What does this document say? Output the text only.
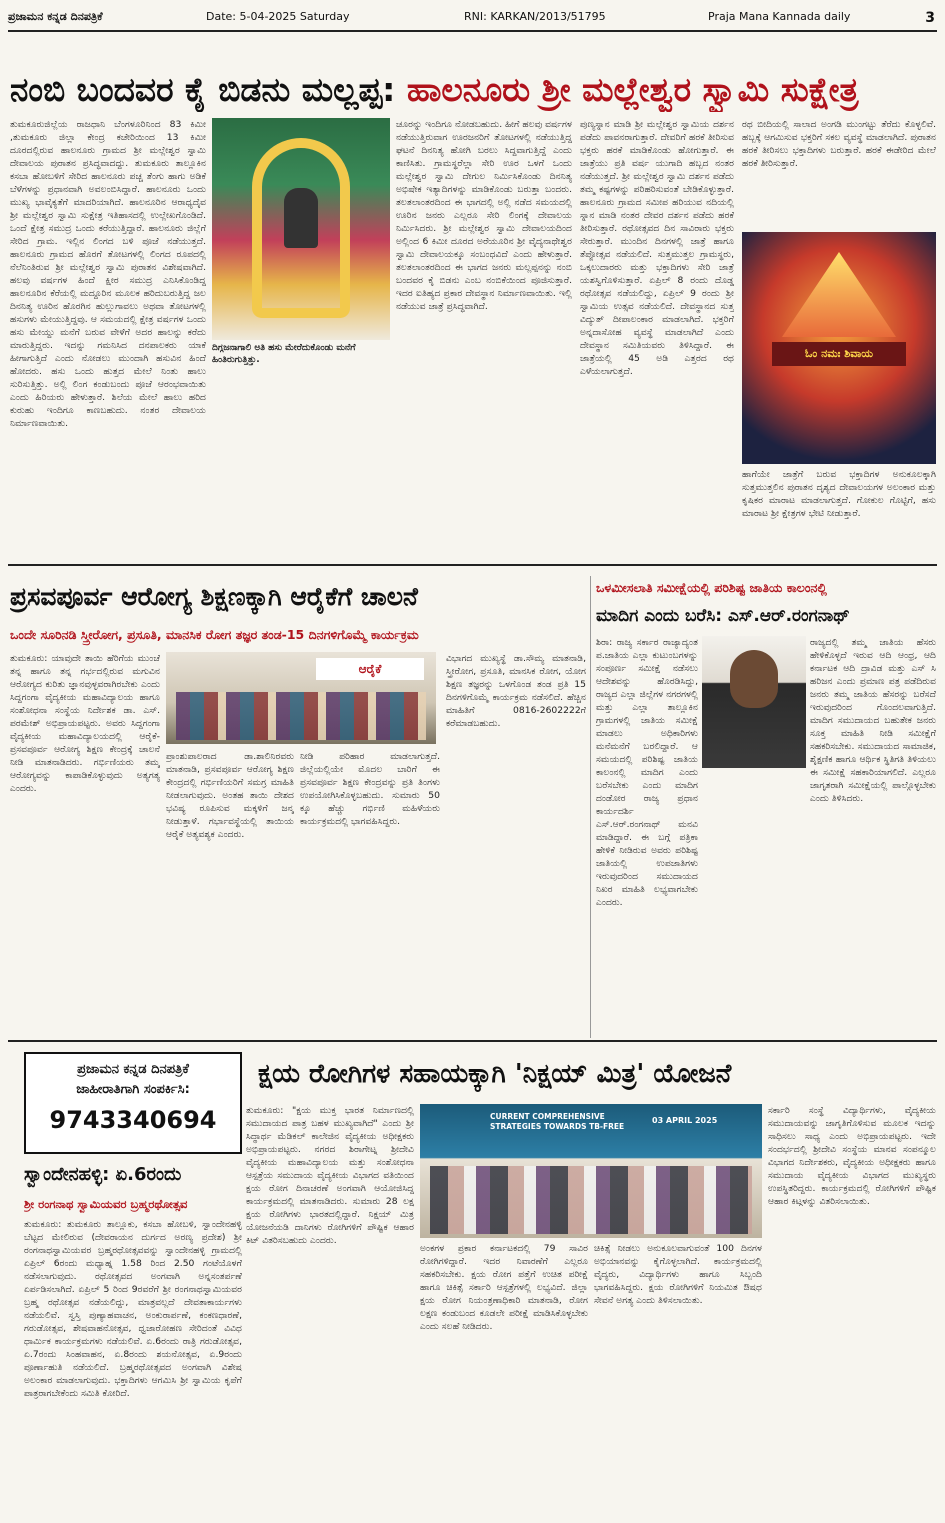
ಪ್ರಜಾಮನ ಕನ್ನಡ ದಿನಪತ್ರಿಕೆ	Date: 5-04-2025 Saturday	RNI: KARKAN/2013/51795	Praja Mana Kannada daily	3
ನಂಬಿ ಬಂದವರ ಕೈ ಬಿಡನು ಮಲ್ಲಪ್ಪ: ಹಾಲನೂರು ಶ್ರೀ ಮಲ್ಲೇಶ್ವರ ಸ್ವಾಮಿ ಸುಕ್ಷೇತ್ರ
ತುಮಕೂರುಜಿಲ್ಲೆಯ ರಾಜಧಾನಿ ಬೆಂಗಳೂರಿನಿಂದ 83 ಕಿಮೀ ,ತುಮಕೂರು ಜಿಲ್ಲಾ ಕೇಂದ್ರ ಕಚೇರಿಯಿಂದ 13 ಕಿಮೀ ದೂರದಲ್ಲಿರುವ ಹಾಲನೂರು ಗ್ರಾಮದ ಶ್ರೀ ಮಲ್ಲೇಶ್ವರ ಸ್ವಾಮಿ ದೇವಾಲಯ ಪುರಾತನ ಪ್ರಸಿದ್ಧವಾದದ್ದು. ತುಮಕೂರು ತಾಲ್ಲೂಕಿನ ಕಸಬಾ ಹೋಬಳಿಗೆ ಸೇರಿದ ಹಾಲನೂರು ಪಚ್ಚ ತೆಂಗು ಹಾಗು ಅಡಿಕೆ ಬೆಳೆಗಳನ್ನು ಪ್ರಧಾನವಾಗಿ ಅವಲಂಬಿಸಿದ್ದಾರೆ. ಹಾಲನೂರು ಒಂದು ಮುಖ್ಯ ಭಾವೈಕ್ಯತೆಗೆ ಮಾದರಿಯಾಗಿದೆ. ಹಾಲನೂರಿನ ಆರಾಧ್ಯದೈವ ಶ್ರೀ ಮಲ್ಲೇಶ್ವರ ಸ್ವಾಮಿ ಸುಕ್ಷೇತ್ರ ಇತಿಹಾಸದಲ್ಲಿ ಉಲ್ಲೇಖಗೊಂಡಿದೆ. ಒಂದೆ ಕ್ಷೇತ್ರ ಸಮುದ್ರ ಒಂದು ಕರೆಯುತ್ತಿದ್ದಾರೆ. ಹಾಲನೂರು ಜಿಲ್ಲೆಗೆ ಸೇರಿದ ಗ್ರಾಮ. ಇಲ್ಲಿನ ಲಿಂಗದ ಬಳಿ ಪೂಜೆ ನಡೆಯುತ್ತದೆ. ಹಾಲನೂರು ಗ್ರಾಮದ ಹೊರಗೆ ತೋಟಗಳಲ್ಲಿ ಲಿಂಗದ ರೂಪದಲ್ಲಿ ನೆಲೆನಿಂತಿರುವ ಶ್ರೀ ಮಲ್ಲೇಶ್ವರ ಸ್ವಾಮಿ ಪುರಾತನ ವಿಶೇಷವಾಗಿದೆ. ಹಲವು ವರ್ಷಗಳ ಹಿಂದೆ ಕ್ಷೀರ ಸಮುದ್ರ ಎನಿಸಿಕೊಂಡಿದ್ದ ಹಾಲನೂರಿನ ಕೆರೆಯಲ್ಲಿ ಮದ್ದೂರಿನ ಮೂಲಕ ಹರಿದುಬರುತ್ತಿದ್ದ ಜಲ ದಿನನಿತ್ಯ ಊರಿನ ಹೊರಗಿನ ಹುಲ್ಲುಗಾವಲು ಅಥವಾ ತೋಟಗಳಲ್ಲಿ ಹಸುಗಳು ಮೇಯುತ್ತಿದ್ದವು. ಆ ಸಮಯದಲ್ಲಿ ಕ್ಷೇತ್ರ ವರ್ಷಗಳ ಒಂದು ಹಸು ಮೇಯ್ದು ಮನೆಗೆ ಬರುವ ವೇಳೆಗೆ ಅದರ ಹಾಲನ್ನು ಕರೆದು ಮಾರುತ್ತಿದ್ದರು. ಇದನ್ನು ಗಮನಿಸಿದ ದನಪಾಲಕರು ಯಾಕೆ ಹೀಗಾಗುತ್ತಿದೆ ಎಂದು ನೋಡಲು ಮುಂದಾಗಿ ಹಸುವಿನ ಹಿಂದೆ ಹೋದರು. ಹಸು ಒಂದು ಹುತ್ತದ ಮೇಲೆ ನಿಂತು ಹಾಲು ಸುರಿಸುತ್ತಿತ್ತು. ಅಲ್ಲಿ ಲಿಂಗ ಕಂಡುಬಂದು ಪೂಜೆ ಆರಂಭವಾಯಿತು ಎಂದು ಹಿರಿಯರು ಹೇಳುತ್ತಾರೆ. ಶಿಲೆಯ ಮೇಲೆ ಹಾಲು ಹರಿದ ಕುರುಹು ಇಂದಿಗೂ ಕಾಣಬಹುದು. ನಂತರ ದೇವಾಲಯ ನಿರ್ಮಾಣವಾಯಿತು.
ದಿಗ್ಗಜನಾಗಾಲಿ ಅತಿ ಹಸು ಮೇರೆದುಕೊಂಡು ಮನೆಗೆ ಹಿಂತಿರುಗುತ್ತಿತ್ತು.
ಚೂರನ್ನು ಇಂದಿಗೂ ನೋಡಬಹುದು. ಹೀಗೆ ಹಲವು ವರ್ಷಗಳ ನಡೆಯುತ್ತಿರುವಾಗ ಊರಜನರಿಗೆ ತೋಟಗಳಲ್ಲಿ ನಡೆಯುತ್ತಿದ್ದ ಘಟನೆ ದಿನನಿತ್ಯ ಹೋಗಿ ಬರಲು ಸಿದ್ದವಾಗುತ್ತಿದ್ದೆ ಎಂದು ಕಾಣಿಸಿತು. ಗ್ರಾಮಸ್ಥರೆಲ್ಲಾ ಸೇರಿ ಊರ ಒಳಗೆ ಒಂದು ಮಲ್ಲೇಶ್ವರ ಸ್ವಾಮಿ ದೇಗುಲ ನಿರ್ಮಿಸಿಕೊಂಡು ದಿನನಿತ್ಯ ಅಭಿಷೇಕ ಇತ್ಯಾದಿಗಳನ್ನು ಮಾಡಿಕೊಂಡು ಬರುತ್ತಾ ಬಂದರು. ತಲತಲಾಂತರದಿಂದ ಈ ಭಾಗದಲ್ಲಿ ಅಲ್ಲಿ ನಡೆದ ಸಮಯದಲ್ಲಿ ಊರಿನ ಜನರು ಎಲ್ಲರೂ ಸೇರಿ ಲಿಂಗಕ್ಕೆ ದೇವಾಲಯ ನಿರ್ಮಿಸಿದರು. ಶ್ರೀ ಮಲ್ಲೇಶ್ವರ ಸ್ವಾಮಿ ದೇವಾಲಯದಿಂದ ಅಲ್ಲಿಂದ 6 ಕಿಮೀ ದೂರದ ಅರೆಯೂರಿನ ಶ್ರೀ ವೈದ್ಯನಾಥೇಶ್ವರ ಸ್ವಾಮಿ ದೇವಾಲಯಕ್ಕೂ ಸಂಬಂಧವಿದೆ ಎಂದು ಹೇಳುತ್ತಾರೆ. ತಲತಲಾಂತರದಿಂದ ಈ ಭಾಗದ ಜನರು ಮಲ್ಲಪ್ಪನನ್ನು ನಂಬಿ ಬಂದವರ ಕೈ ಬಿಡನು ಎಂಬ ನಂಬಿಕೆಯಿಂದ ಪೂಜಿಸುತ್ತಾರೆ. ಇದರ ಐತಿಹ್ಯದ ಪ್ರಕಾರ ದೇವಸ್ಥಾನ ನಿರ್ಮಾಣವಾಯಿತು. ಇಲ್ಲಿ ನಡೆಯುವ ಜಾತ್ರೆ ಪ್ರಸಿದ್ಧವಾಗಿದೆ.
ಪುಣ್ಯಸ್ನಾನ ಮಾಡಿ ಶ್ರೀ ಮಲ್ಲೇಶ್ವರ ಸ್ವಾಮಿಯ ದರ್ಶನ ಪಡೆದು ಪಾವನರಾಗುತ್ತಾರೆ. ದೇವರಿಗೆ ಹರಕೆ ತೀರಿಸುವ ಭಕ್ತರು ಹರಕೆ ಮಾಡಿಕೊಂಡು ಹೋಗುತ್ತಾರೆ. ಈ ಜಾತ್ರೆಯು ಪ್ರತಿ ವರ್ಷ ಯುಗಾದಿ ಹಬ್ಬದ ನಂತರ ನಡೆಯುತ್ತದೆ. ಶ್ರೀ ಮಲ್ಲೇಶ್ವರ ಸ್ವಾಮಿ ದರ್ಶನ ಪಡೆದು ತಮ್ಮ ಕಷ್ಟಗಳನ್ನು ಪರಿಹರಿಸುವಂತೆ ಬೇಡಿಕೊಳ್ಳುತ್ತಾರೆ. ಹಾಲನೂರು ಗ್ರಾಮದ ಸಮೀಪ ಹರಿಯುವ ನದಿಯಲ್ಲಿ ಸ್ನಾನ ಮಾಡಿ ನಂತರ ದೇವರ ದರ್ಶನ ಪಡೆದು ಹರಕೆ ತೀರಿಸುತ್ತಾರೆ. ರಥೋತ್ಸವದ ದಿನ ಸಾವಿರಾರು ಭಕ್ತರು ಸೇರುತ್ತಾರೆ. ಮುಂದಿನ ದಿನಗಳಲ್ಲಿ ಜಾತ್ರೆ ಹಾಗೂ ತೆಪ್ಪೋತ್ಸವ ನಡೆಯಲಿದೆ. ಸುತ್ತಮುತ್ತಲ ಗ್ರಾಮಸ್ಥರು, ಒಕ್ಕಲುದಾರರು ಮತ್ತು ಭಕ್ತಾದಿಗಳು ಸೇರಿ ಜಾತ್ರೆ ಯಶಸ್ವಿಗೊಳಿಸುತ್ತಾರೆ. ಏಪ್ರಿಲ್ 8 ರಂದು ದೊಡ್ಡ ರಥೋತ್ಸವ ನಡೆಯಲಿದ್ದು, ಏಪ್ರಿಲ್ 9 ರಂದು ಶ್ರೀ ಸ್ವಾಮಿಯ ಉತ್ಸವ ನಡೆಯಲಿದೆ. ದೇವಸ್ಥಾನದ ಸುತ್ತ ವಿದ್ಯುತ್ ದೀಪಾಲಂಕಾರ ಮಾಡಲಾಗಿದೆ. ಭಕ್ತರಿಗೆ ಅನ್ನದಾಸೋಹ ವ್ಯವಸ್ಥೆ ಮಾಡಲಾಗಿದೆ ಎಂದು ದೇವಸ್ಥಾನ ಸಮಿತಿಯವರು ತಿಳಿಸಿದ್ದಾರೆ. ಈ ಜಾತ್ರೆಯಲ್ಲಿ 45 ಅಡಿ ಎತ್ತರದ ರಥ ಎಳೆಯಲಾಗುತ್ತದೆ.
ರಥ ಬೀದಿಯಲ್ಲಿ ಸಾಲಾದ ಅಂಗಡಿ ಮುಂಗಟ್ಟು ತೆರೆದು ಕೊಳ್ಳಲಿವೆ. ಹಬ್ಬಕ್ಕೆ ಆಗಮಿಸುವ ಭಕ್ತರಿಗೆ ಸಕಲ ವ್ಯವಸ್ಥೆ ಮಾಡಲಾಗಿದೆ. ಪುರಾತನ ಹರಕೆ ತೀರಿಸಲು ಭಕ್ತಾದಿಗಳು ಬರುತ್ತಾರೆ. ಹರಕೆ ಈಡೇರಿದ ಮೇಲೆ ಹರಕೆ ತೀರಿಸುತ್ತಾರೆ.
ಓಂ ನಮಃ ಶಿವಾಯ
ಹಾಗೆಯೇ ಜಾತ್ರೆಗೆ ಬರುವ ಭಕ್ತಾದಿಗಳ ಅನುಕೂಲಕ್ಕಾಗಿ ಸುತ್ತಮುತ್ತಲಿನ ಪುರಾತನ ದೃಶ್ಯದ ದೇವಾಲಯಗಳ ಅಲಂಕಾರ ಮತ್ತು ಕೃಷಿಕರ ಮಾರಾಟ ಮಾಡಲಾಗುತ್ತದೆ. ಗೋಕುಲ ಗೊಟ್ಟಿಗೆ, ಹಸು ಮಾರಾಟ ಶ್ರೀ ಕ್ಷೇತ್ರಗಳ ಭೇಟಿ ನೀಡುತ್ತಾರೆ.
ಪ್ರಸವಪೂರ್ವ ಆರೋಗ್ಯ ಶಿಕ್ಷಣಕ್ಕಾಗಿ ಆರೈಕೆಗೆ ಚಾಲನೆ
ಒಂದೇ ಸೂರಿನಡಿ ಸ್ತ್ರೀರೋಗ, ಪ್ರಸೂತಿ, ಮಾನಸಿಕ ರೋಗ ತಜ್ಞರ ತಂಡ-15 ದಿನಗಳಿಗೊಮ್ಮೆ ಕಾರ್ಯಕ್ರಮ
ತುಮಕೂರು: ಯಾವುದೇ ತಾಯಿ ಹೆರಿಗೆಯ ಮುಂಚೆ ತನ್ನ ಹಾಗೂ ತನ್ನ ಗರ್ಭದಲ್ಲಿರುವ ಮಗುವಿನ ಆರೋಗ್ಯದ ಕುರಿತು ಜ್ಞಾನವುಳ್ಳವರಾಗಿರಬೇಕು ಎಂದು ಸಿದ್ದಗಂಗಾ ವೈದ್ಯಕೀಯ ಮಹಾವಿದ್ಯಾಲಯ ಹಾಗೂ ಸಂಶೋಧನಾ ಸಂಸ್ಥೆಯ ನಿರ್ದೇಶಕ ಡಾ. ಎಸ್. ಪರಮೇಶ್ ಅಭಿಪ್ರಾಯಪಟ್ಟರು. ಅವರು ಸಿದ್ದಗಂಗಾ ವೈದ್ಯಕೀಯ ಮಹಾವಿದ್ಯಾಲಯದಲ್ಲಿ ಆರೈಕೆ-ಪ್ರಸವಪೂರ್ವ ಆರೋಗ್ಯ ಶಿಕ್ಷಣ ಕೇಂದ್ರಕ್ಕೆ ಚಾಲನೆ ನೀಡಿ ಮಾತನಾಡಿದರು. ಗರ್ಭಿಣಿಯರು ತಮ್ಮ ಆರೋಗ್ಯವನ್ನು ಕಾಪಾಡಿಕೊಳ್ಳುವುದು ಅತ್ಯಗತ್ಯ ಎಂದರು.
ಆರೈಕೆ
ಪ್ರಾಂಶುಪಾಲರಾದ ಡಾ.ಶಾಲಿನಿರವರು ಮಾತನಾಡಿ, ಪ್ರಸವಪೂರ್ವ ಆರೋಗ್ಯ ಶಿಕ್ಷಣ ಕೇಂದ್ರದಲ್ಲಿ ಗರ್ಭಿಣಿಯರಿಗೆ ಸಮಗ್ರ ಮಾಹಿತಿ ನೀಡಲಾಗುವುದು. ಅಂತಹ ತಾಯಿ ದೇಶದ ಭವಿಷ್ಯ ರೂಪಿಸುವ ಮಕ್ಕಳಿಗೆ ಜನ್ಮ ನೀಡುತ್ತಾಳೆ. ಗರ್ಭಾವಸ್ಥೆಯಲ್ಲಿ ತಾಯಿಯ ಆರೈಕೆ ಅತ್ಯವಶ್ಯಕ ಎಂದರು.
ನೀಡಿ ಪರಿಹಾರ ಮಾಡಲಾಗುತ್ತದೆ. ಜಿಲ್ಲೆಯಲ್ಲಿಯೇ ಮೊದಲ ಬಾರಿಗೆ ಈ ಪ್ರಸವಪೂರ್ವ ಶಿಕ್ಷಣ ಕೇಂದ್ರವನ್ನು ಪ್ರತಿ ತಿಂಗಳು ಉಪಯೋಗಿಸಿಕೊಳ್ಳಬಹುದು. ಸುಮಾರು 50 ಕ್ಕೂ ಹೆಚ್ಚು ಗರ್ಭಿಣಿ ಮಹಿಳೆಯರು ಕಾರ್ಯಕ್ರಮದಲ್ಲಿ ಭಾಗವಹಿಸಿದ್ದರು.
ವಿಭಾಗದ ಮುಖ್ಯಸ್ಥೆ ಡಾ.ಸೌಮ್ಯ ಮಾತನಾಡಿ, ಸ್ತ್ರೀರೋಗ, ಪ್ರಸೂತಿ, ಮಾನಸಿಕ ರೋಗ, ಯೋಗ ಶಿಕ್ಷಣ ತಜ್ಞರನ್ನು ಒಳಗೊಂಡ ತಂಡ ಪ್ರತಿ 15 ದಿನಗಳಿಗೊಮ್ಮೆ ಕಾರ್ಯಕ್ರಮ ನಡೆಸಲಿದೆ. ಹೆಚ್ಚಿನ ಮಾಹಿತಿಗೆ 0816-2602222ಗೆ ಕರೆಮಾಡಬಹುದು.
ಒಳಮೀಸಲಾತಿ ಸಮೀಕ್ಷೆಯಲ್ಲಿ ಪರಿಶಿಷ್ಟ ಜಾತಿಯ ಕಾಲಂನಲ್ಲಿ
ಮಾದಿಗ ಎಂದು ಬರೆಸಿ: ಎಸ್.ಆರ್.ರಂಗನಾಥ್
ಶಿರಾ: ರಾಜ್ಯ ಸರ್ಕಾರ ರಾಜ್ಯಾದ್ಯಂತ ಪ.ಜಾತಿಯ ಎಲ್ಲಾ ಕುಟುಂಬಗಳನ್ನು ಸಂಪೂರ್ಣ ಸಮೀಕ್ಷೆ ನಡೆಸಲು ಆದೇಶವನ್ನು ಹೊರಡಿಸಿದ್ದು, ರಾಜ್ಯದ ಎಲ್ಲಾ ಜಿಲ್ಲೆಗಳ ನಗರಗಳಲ್ಲಿ ಮತ್ತು ಎಲ್ಲಾ ತಾಲ್ಲೂಕಿನ ಗ್ರಾಮಗಳಲ್ಲಿ ಜಾತಿಯ ಸಮೀಕ್ಷೆ ಮಾಡಲು ಅಧಿಕಾರಿಗಳು ಮನೆಮನೆಗೆ ಬರಲಿದ್ದಾರೆ. ಆ ಸಮಯದಲ್ಲಿ ಪರಿಶಿಷ್ಟ ಜಾತಿಯ ಕಾಲಂನಲ್ಲಿ ಮಾದಿಗ ಎಂದು ಬರೆಸಬೇಕು ಎಂದು ಮಾದಿಗ ದಂಡೋರ ರಾಜ್ಯ ಪ್ರಧಾನ ಕಾರ್ಯದರ್ಶಿ ಎಸ್.ಆರ್.ರಂಗನಾಥ್ ಮನವಿ ಮಾಡಿದ್ದಾರೆ. ಈ ಬಗ್ಗೆ ಪತ್ರಿಕಾ ಹೇಳಿಕೆ ನೀಡಿರುವ ಅವರು ಪರಿಶಿಷ್ಟ ಜಾತಿಯಲ್ಲಿ ಉಪಜಾತಿಗಳು ಇರುವುದರಿಂದ ಸಮುದಾಯದ ನಿಖರ ಮಾಹಿತಿ ಲಭ್ಯವಾಗಬೇಕು ಎಂದರು.
ರಾಜ್ಯದಲ್ಲಿ ತಮ್ಮ ಜಾತಿಯ ಹೆಸರು ಹೇಳಿಕೊಳ್ಳದೆ ಇರುವ ಆದಿ ಆಂಧ್ರ, ಆದಿ ಕರ್ನಾಟಕ ಆದಿ ದ್ರಾವಿಡ ಮತ್ತು ಎಸ್ ಸಿ ಹರಿಜನ ಎಂದು ಪ್ರಮಾಣ ಪತ್ರ ಪಡೆದಿರುವ ಜನರು ತಮ್ಮ ಜಾತಿಯ ಹೆಸರನ್ನು ಬರೆಸದೆ ಇರುವುದರಿಂದ ಗೊಂದಲವಾಗುತ್ತಿದೆ. ಮಾದಿಗ ಸಮುದಾಯದ ಬಹುತೇಕ ಜನರು ಸೂಕ್ತ ಮಾಹಿತಿ ನೀಡಿ ಸಮೀಕ್ಷೆಗೆ ಸಹಕರಿಸಬೇಕು. ಸಮುದಾಯದ ಸಾಮಾಜಿಕ, ಶೈಕ್ಷಣಿಕ ಹಾಗೂ ಆರ್ಥಿಕ ಸ್ಥಿತಿಗತಿ ತಿಳಿಯಲು ಈ ಸಮೀಕ್ಷೆ ಸಹಕಾರಿಯಾಗಲಿದೆ. ಎಲ್ಲರೂ ಜಾಗೃತರಾಗಿ ಸಮೀಕ್ಷೆಯಲ್ಲಿ ಪಾಲ್ಗೊಳ್ಳಬೇಕು ಎಂದು ತಿಳಿಸಿದರು.
ಪ್ರಜಾಮನ ಕನ್ನಡ ದಿನಪತ್ರಿಕೆ
ಜಾಹೀರಾತಿಗಾಗಿ ಸಂಪರ್ಕಿಸಿ:
9743340694
ಸ್ವಾಂದೇನಹಳ್ಳಿ: ಏ.6ರಂದು
ಶ್ರೀ ರಂಗನಾಥ ಸ್ವಾಮಿಯವರ ಬ್ರಹ್ಮರಥೋತ್ಸವ
ತುಮಕೂರು: ತುಮಕೂರು ತಾಲ್ಲೂಕು, ಕಸಬಾ ಹೋಬಳಿ, ಸ್ವಾಂದೇನಹಳ್ಳಿ ಬೆಟ್ಟದ ಮೇಲಿರುವ (ದೇವರಾಯನ ದುರ್ಗದ ಅರಣ್ಯ ಪ್ರದೇಶ) ಶ್ರೀ ರಂಗನಾಥಸ್ವಾಮಿಯವರ ಬ್ರಹ್ಮರಥೋತ್ಸವವನ್ನು ಸ್ವಾಂದೇನಹಳ್ಳಿ ಗ್ರಾಮದಲ್ಲಿ ಏಪ್ರಿಲ್ 6ರಂದು ಮಧ್ಯಾಹ್ನ 1.58 ರಿಂದ 2.50 ಗಂಟೆಯೊಳಗೆ ನಡೆಸಲಾಗುವುದು. ರಥೋತ್ಸವದ ಅಂಗವಾಗಿ ಅನ್ನಸಂತರ್ಪಣೆ ಏರ್ಪಡಿಸಲಾಗಿದೆ. ಏಪ್ರಿಲ್ 5 ರಿಂದ 9ರವರೆಗೆ ಶ್ರೀ ರಂಗನಾಥಸ್ವಾಮಿಯವರ ಬ್ರಹ್ಮ ರಥೋತ್ಸವ ನಡೆಯಲಿದ್ದು, ಮಾತ್ರವಲ್ಲದೆ ದೇವತಾಕಾರ್ಯಗಳು ನಡೆಯಲಿವೆ. ಸ್ವಸ್ತಿ ಪುಣ್ಯಾಹವಾಚನ, ಅಂಕುರಾರ್ಪಣೆ, ಕಂಕಣಧಾರಣೆ, ಗರುಡೋತ್ಸವ, ಶೇಷವಾಹನೋತ್ಸವ, ಧ್ವಜಾರೋಹಣ ಸೇರಿದಂತೆ ವಿವಿಧ ಧಾರ್ಮಿಕ ಕಾರ್ಯಕ್ರಮಗಳು ನಡೆಯಲಿವೆ. ಏ.6ರಂದು ರಾತ್ರಿ ಗರುಡೋತ್ಸವ, ಏ.7ರಂದು ಸಿಂಹವಾಹನ, ಏ.8ರಂದು ಶಯನೋತ್ಸವ, ಏ.9ರಂದು ಪೂರ್ಣಾಹುತಿ ನಡೆಯಲಿದೆ. ಬ್ರಹ್ಮರಥೋತ್ಸವದ ಅಂಗವಾಗಿ ವಿಶೇಷ ಅಲಂಕಾರ ಮಾಡಲಾಗುವುದು. ಭಕ್ತಾದಿಗಳು ಆಗಮಿಸಿ ಶ್ರೀ ಸ್ವಾಮಿಯ ಕೃಪೆಗೆ ಪಾತ್ರರಾಗಬೇಕೆಂದು ಸಮಿತಿ ಕೋರಿದೆ.
ಕ್ಷಯ ರೋಗಿಗಳ ಸಹಾಯಕ್ಕಾಗಿ 'ನಿಕ್ಷಯ್ ಮಿತ್ರ' ಯೋಜನೆ
ತುಮಕೂರು: "ಕ್ಷಯ ಮುಕ್ತ ಭಾರತ ನಿರ್ಮಾಣದಲ್ಲಿ ಸಮುದಾಯದ ಪಾತ್ರ ಬಹಳ ಮುಖ್ಯವಾಗಿದೆ" ಎಂದು ಶ್ರೀ ಸಿದ್ಧಾರ್ಥ ಮೆಡಿಕಲ್ ಕಾಲೇಜಿನ ವೈದ್ಯಕೀಯ ಅಧೀಕ್ಷಕರು ಅಭಿಪ್ರಾಯಪಟ್ಟರು. ನಗರದ ಶಿರಾಗೇಟ್ನ ಶ್ರೀದೇವಿ ವೈದ್ಯಕೀಯ ಮಹಾವಿದ್ಯಾಲಯ ಮತ್ತು ಸಂಶೋಧನಾ ಆಸ್ಪತ್ರೆಯ ಸಮುದಾಯ ವೈದ್ಯಕೀಯ ವಿಭಾಗದ ವತಿಯಿಂದ ಕ್ಷಯ ರೋಗ ದಿನಾಚರಣೆ ಅಂಗವಾಗಿ ಆಯೋಜಿಸಿದ್ದ ಕಾರ್ಯಕ್ರಮದಲ್ಲಿ ಮಾತನಾಡಿದರು. ಸುಮಾರು 28 ಲಕ್ಷ ಕ್ಷಯ ರೋಗಿಗಳು ಭಾರತದಲ್ಲಿದ್ದಾರೆ. ನಿಕ್ಷಯ್ ಮಿತ್ರ ಯೋಜನೆಯಡಿ ದಾನಿಗಳು ರೋಗಿಗಳಿಗೆ ಪೌಷ್ಟಿಕ ಆಹಾರ ಕಿಟ್ ವಿತರಿಸಬಹುದು ಎಂದರು.
CURRENT COMPREHENSIVE STRATEGIES TOWARDS TB-FREE
03 APRIL 2025
ಅಂಕಗಳ ಪ್ರಕಾರ ಕರ್ನಾಟಕದಲ್ಲಿ 79 ಸಾವಿರ ರೋಗಿಗಳಿದ್ದಾರೆ. ಇದರ ನಿವಾರಣೆಗೆ ಎಲ್ಲರೂ ಸಹಕರಿಸಬೇಕು. ಕ್ಷಯ ರೋಗ ಪತ್ತೆಗೆ ಉಚಿತ ಪರೀಕ್ಷೆ ಹಾಗೂ ಚಿಕಿತ್ಸೆ ಸರ್ಕಾರಿ ಆಸ್ಪತ್ರೆಗಳಲ್ಲಿ ಲಭ್ಯವಿದೆ. ಜಿಲ್ಲಾ ಕ್ಷಯ ರೋಗ ನಿಯಂತ್ರಣಾಧಿಕಾರಿ ಮಾತನಾಡಿ, ರೋಗ ಲಕ್ಷಣ ಕಂಡುಬಂದ ಕೂಡಲೇ ಪರೀಕ್ಷೆ ಮಾಡಿಸಿಕೊಳ್ಳಬೇಕು ಎಂದು ಸಲಹೆ ನೀಡಿದರು.
ಚಿಕಿತ್ಸೆ ನೀಡಲು ಅನುಕೂಲವಾಗುವಂತೆ 100 ದಿನಗಳ ಅಭಿಯಾನವನ್ನು ಕೈಗೊಳ್ಳಲಾಗಿದೆ. ಕಾರ್ಯಕ್ರಮದಲ್ಲಿ ವೈದ್ಯರು, ವಿದ್ಯಾರ್ಥಿಗಳು ಹಾಗೂ ಸಿಬ್ಬಂದಿ ಭಾಗವಹಿಸಿದ್ದರು. ಕ್ಷಯ ರೋಗಿಗಳಿಗೆ ನಿಯಮಿತ ಔಷಧ ಸೇವನೆ ಅಗತ್ಯ ಎಂದು ತಿಳಿಸಲಾಯಿತು.
ಸರ್ಕಾರಿ ಸಂಸ್ಥೆ ವಿದ್ಯಾರ್ಥಿಗಳು, ವೈದ್ಯಕೀಯ ಸಮುದಾಯವನ್ನು ಜಾಗೃತಿಗೊಳಿಸುವ ಮೂಲಕ ಇದನ್ನು ಸಾಧಿಸಲು ಸಾಧ್ಯ ಎಂದು ಅಭಿಪ್ರಾಯಪಟ್ಟರು. ಇದೇ ಸಂದರ್ಭದಲ್ಲಿ ಶ್ರೀದೇವಿ ಸಂಸ್ಥೆಯ ಮಾನವ ಸಂಪನ್ಮೂಲ ವಿಭಾಗದ ನಿರ್ದೇಶಕರು, ವೈದ್ಯಕೀಯ ಅಧೀಕ್ಷಕರು ಹಾಗೂ ಸಮುದಾಯ ವೈದ್ಯಕೀಯ ವಿಭಾಗದ ಮುಖ್ಯಸ್ಥರು ಉಪಸ್ಥಿತರಿದ್ದರು. ಕಾರ್ಯಕ್ರಮದಲ್ಲಿ ರೋಗಿಗಳಿಗೆ ಪೌಷ್ಟಿಕ ಆಹಾರ ಕಿಟ್ಗಳನ್ನು ವಿತರಿಸಲಾಯಿತು.
